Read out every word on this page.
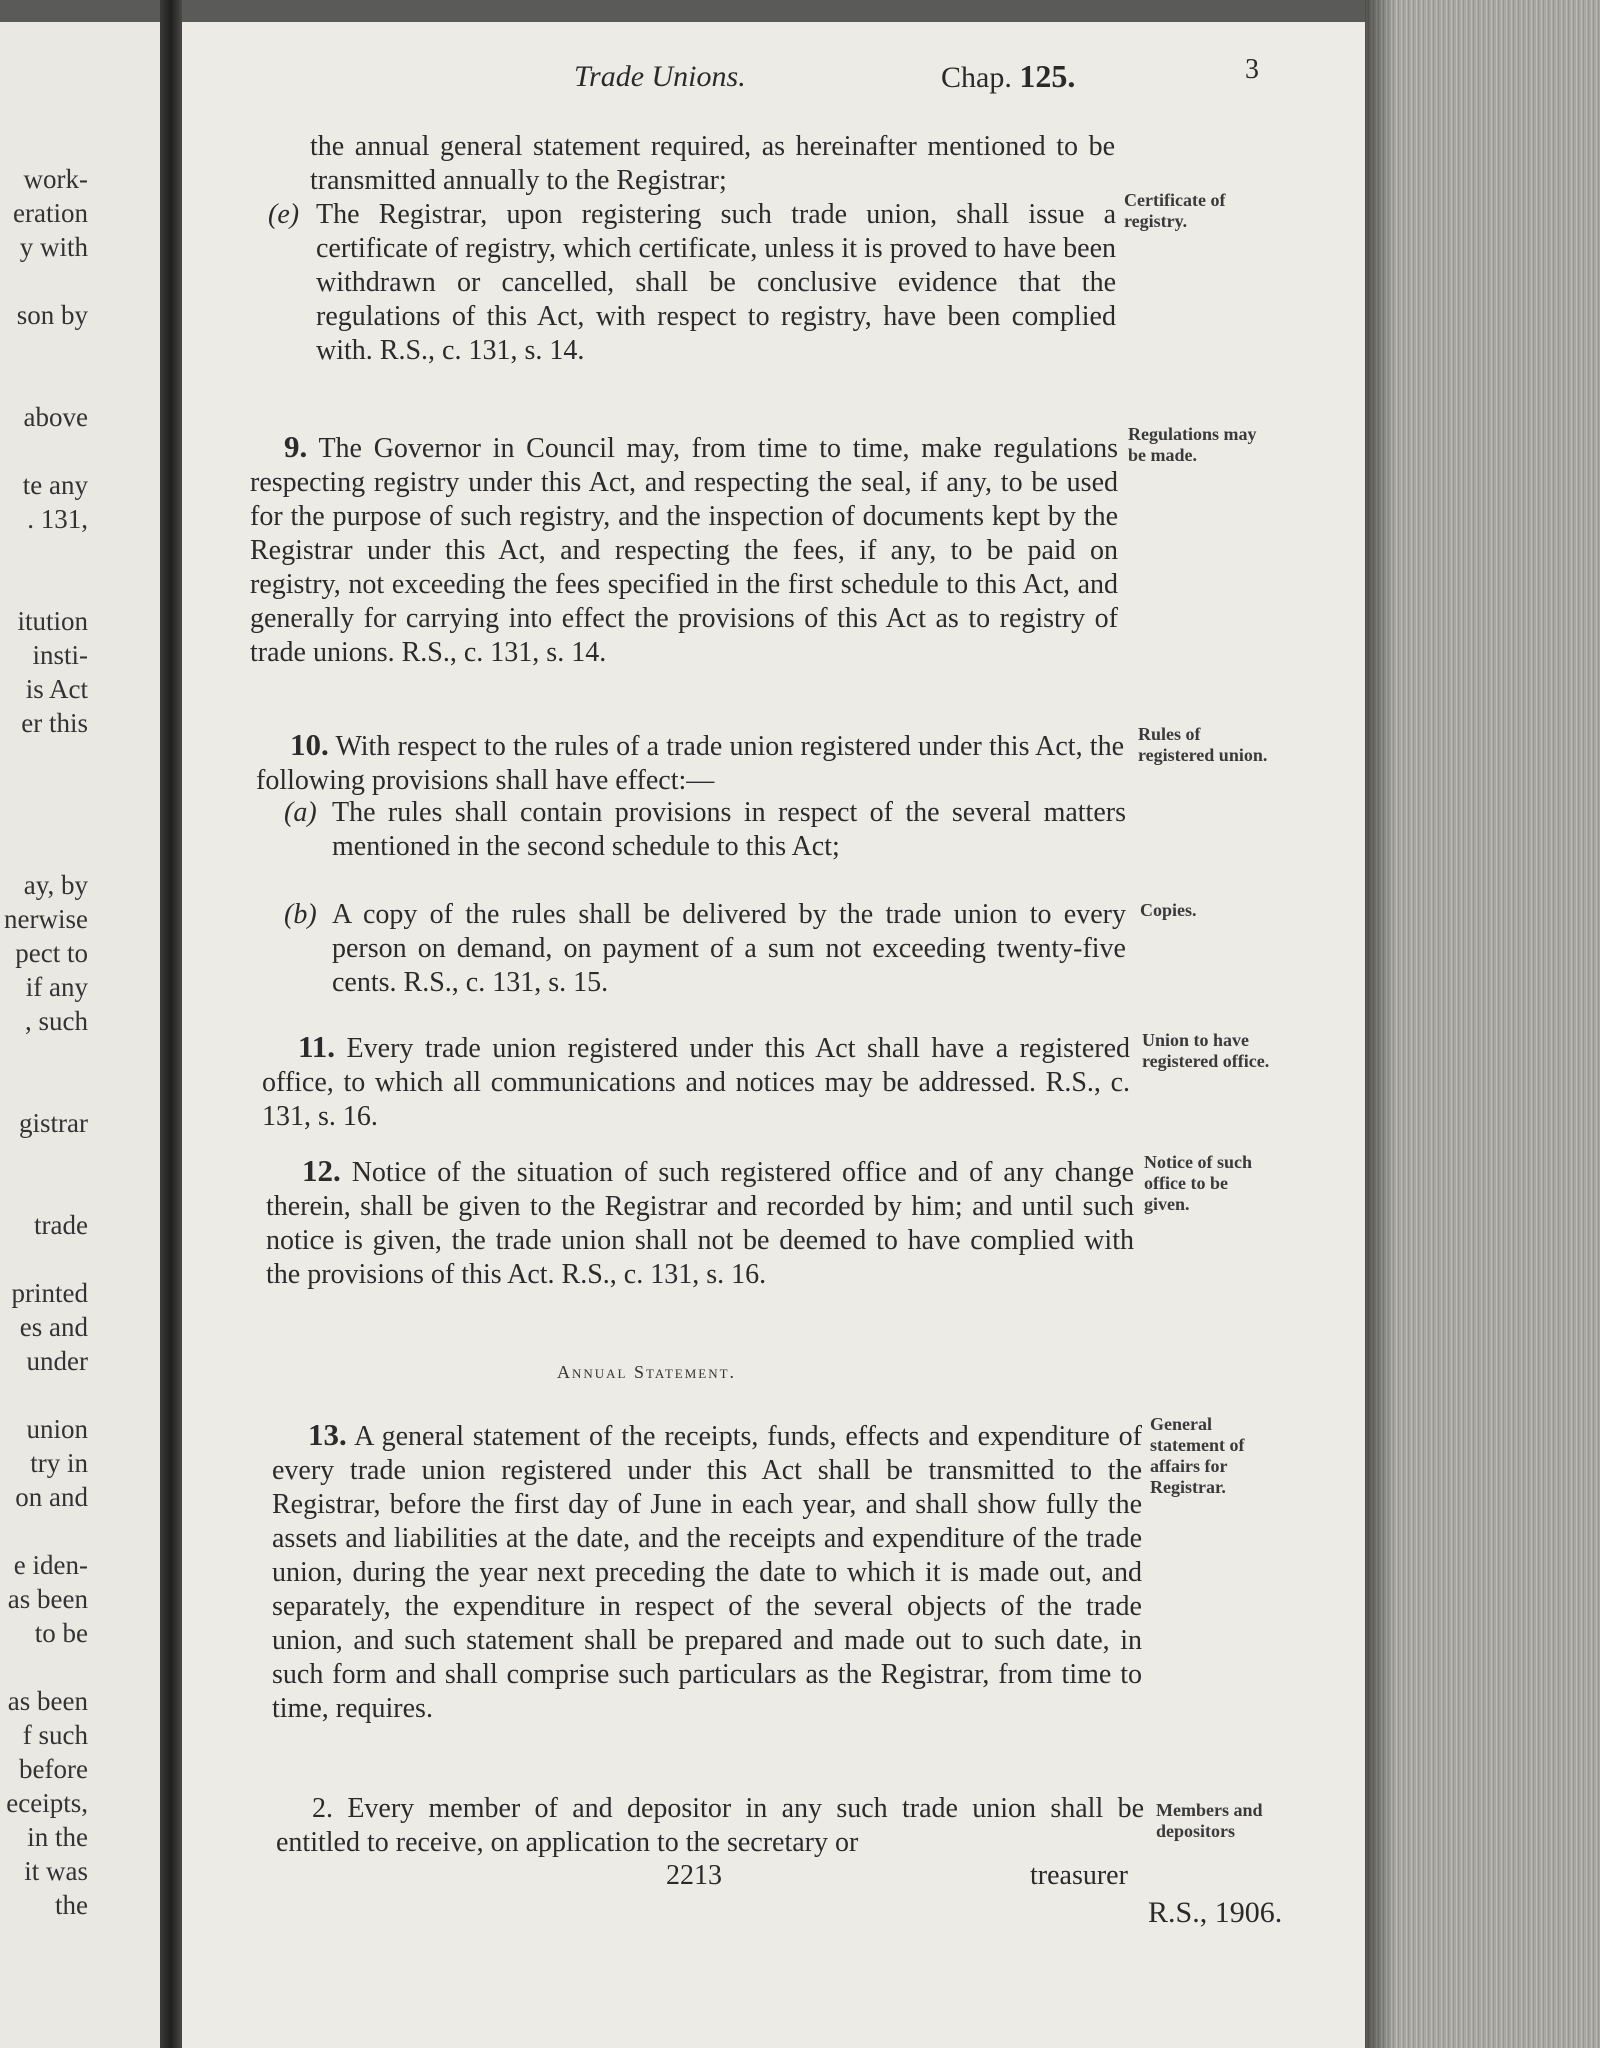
work-
eration
y with
son by
above
te any
. 131,
itution
insti-
is Act
er this
ay, by
nerwise
pect to
if any
, such
gistrar
trade
printed
es and
under
union
try in
on and
e iden-
as been
to be
as been
f such
before
eceipts,
in the
it was
the
Trade Unions.	Chap. 125.	3

the annual general statement required, as hereinafter mentioned to be transmitted annually to the Registrar;

(e) The Registrar, upon registering such trade union, shall issue a certificate of registry, which certificate, unless it is proved to have been withdrawn or cancelled, shall be conclusive evidence that the regulations of this Act, with respect to registry, have been complied with. R.S., c. 131, s. 14.

9. The Governor in Council may, from time to time, make regulations respecting registry under this Act, and respecting the seal, if any, to be used for the purpose of such registry, and the inspection of documents kept by the Registrar under this Act, and respecting the fees, if any, to be paid on registry, not exceeding the fees specified in the first schedule to this Act, and generally for carrying into effect the provisions of this Act as to registry of trade unions. R.S., c. 131, s. 14.

10. With respect to the rules of a trade union registered under this Act, the following provisions shall have effect:—

(a) The rules shall contain provisions in respect of the several matters mentioned in the second schedule to this Act;
(b) A copy of the rules shall be delivered by the trade union to every person on demand, on payment of a sum not exceeding twenty-five cents. R.S., c. 131, s. 15.

11. Every trade union registered under this Act shall have a registered office, to which all communications and notices may be addressed. R.S., c. 131, s. 16.

12. Notice of the situation of such registered office and of any change therein, shall be given to the Registrar and recorded by him; and until such notice is given, the trade union shall not be deemed to have complied with the provisions of this Act. R.S., c. 131, s. 16.

Annual Statement.

13. A general statement of the receipts, funds, effects and expenditure of every trade union registered under this Act shall be transmitted to the Registrar, before the first day of June in each year, and shall show fully the assets and liabilities at the date, and the receipts and expenditure of the trade union, during the year next preceding the date to which it is made out, and separately, the expenditure in respect of the several objects of the trade union, and such statement shall be prepared and made out to such date, in such form and shall comprise such particulars as the Registrar, from time to time, requires.

2. Every member of and depositor in any such trade union shall be entitled to receive, on application to the secretary or

Certificate of registry.
Regulations may be made.
Rules of registered union.
Copies.
Union to have registered office.
Notice of such office to be given.
General statement of affairs for Registrar.
Members and depositors
2213	treasurer
R.S., 1906.
